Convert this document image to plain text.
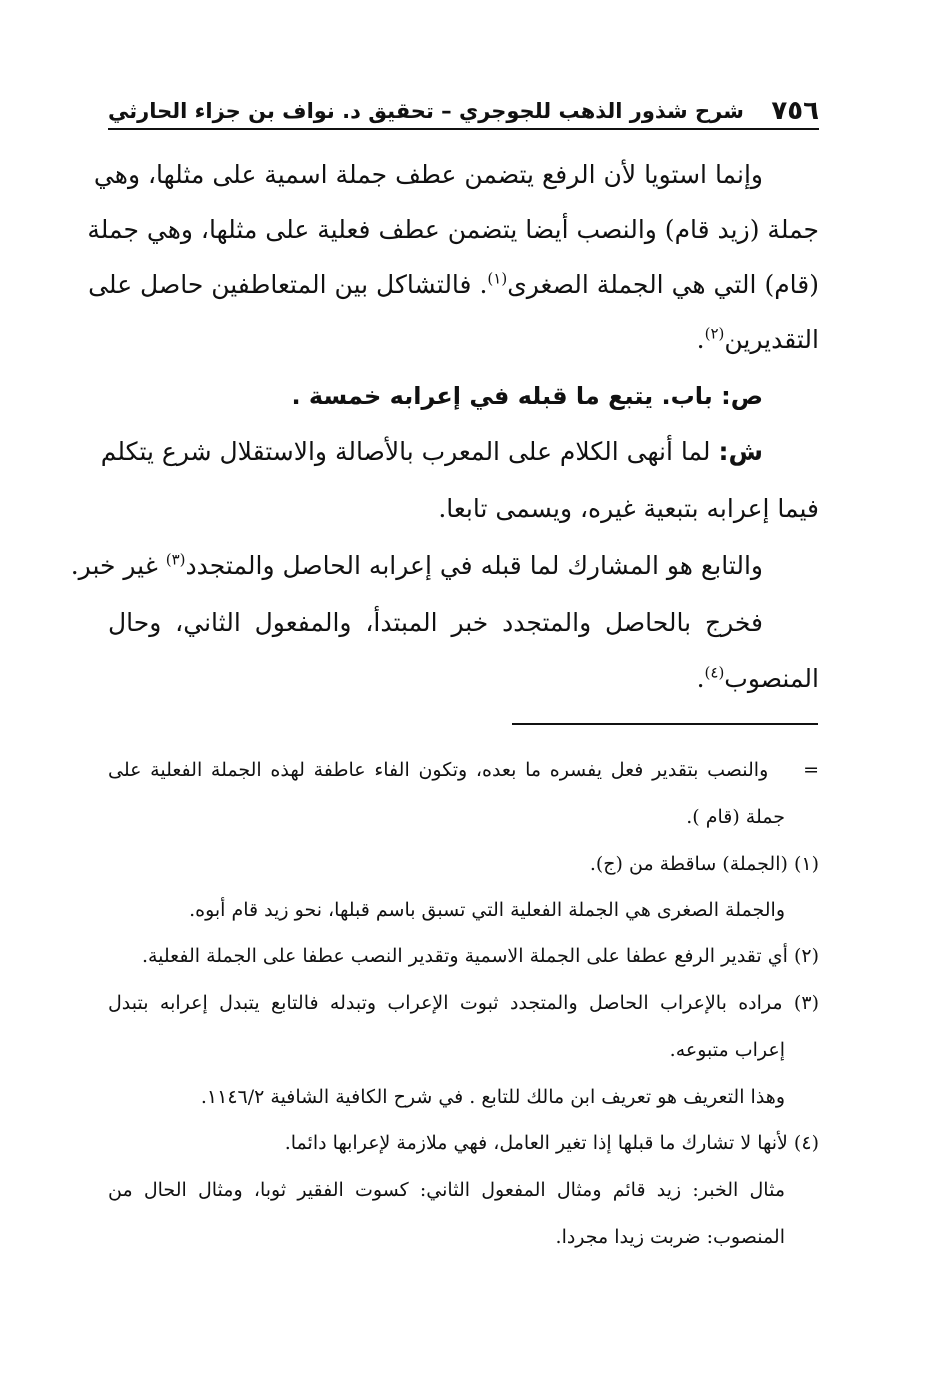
٧٥٦
شرح شذور الذهب للجوجري – تحقيق د. نواف بن جزاء الحارثي
وإنما استويا لأن الرفع يتضمن عطف جملة اسمية على مثلها، وهي
جملة (زيد قام) والنصب أيضا يتضمن عطف فعلية على مثلها، وهي جملة
(قام) التي هي الجملة الصغرى$^{(١)}$. فالتشاكل بين المتعاطفين حاصل على
التقديرين$^{(٢)}$.
ص: باب. يتبع ما قبله في إعرابه خمسة .
ش: لما أنهى الكلام على المعرب بالأصالة والاستقلال شرع يتكلم
فيما إعرابه بتبعية غيره، ويسمى تابعا.
والتابع هو المشارك لما قبله في إعرابه الحاصل والمتجدد$^{(٣)}$ غير خبر.
فخرج بالحاصل والمتجدد خبر المبتدأ، والمفعول الثاني، وحال
المنصوب$^{(٤)}$.
=    والنصب بتقدير فعل يفسره ما بعده، وتكون الفاء عاطفة لهذه الجملة الفعلية على
جملة (قام ).
(١) (الجملة) ساقطة من (ج).
والجملة الصغرى هي الجملة الفعلية التي تسبق باسم قبلها، نحو زيد قام أبوه.
(٢) أي تقدير الرفع عطفا على الجملة الاسمية وتقدير النصب عطفا على الجملة الفعلية.
(٣) مراده بالإعراب الحاصل والمتجدد ثبوت الإعراب وتبدله فالتابع يتبدل إعرابه بتبدل
إعراب متبوعه.
وهذا التعريف هو تعريف ابن مالك للتابع . في شرح الكافية الشافية ١١٤٦/٢.
(٤) لأنها لا تشارك ما قبلها إذا تغير العامل، فهي ملازمة لإعرابها دائما.
مثال الخبر: زيد قائم ومثال المفعول الثاني: كسوت الفقير ثوبا، ومثال الحال من
المنصوب: ضربت زيدا مجردا.
